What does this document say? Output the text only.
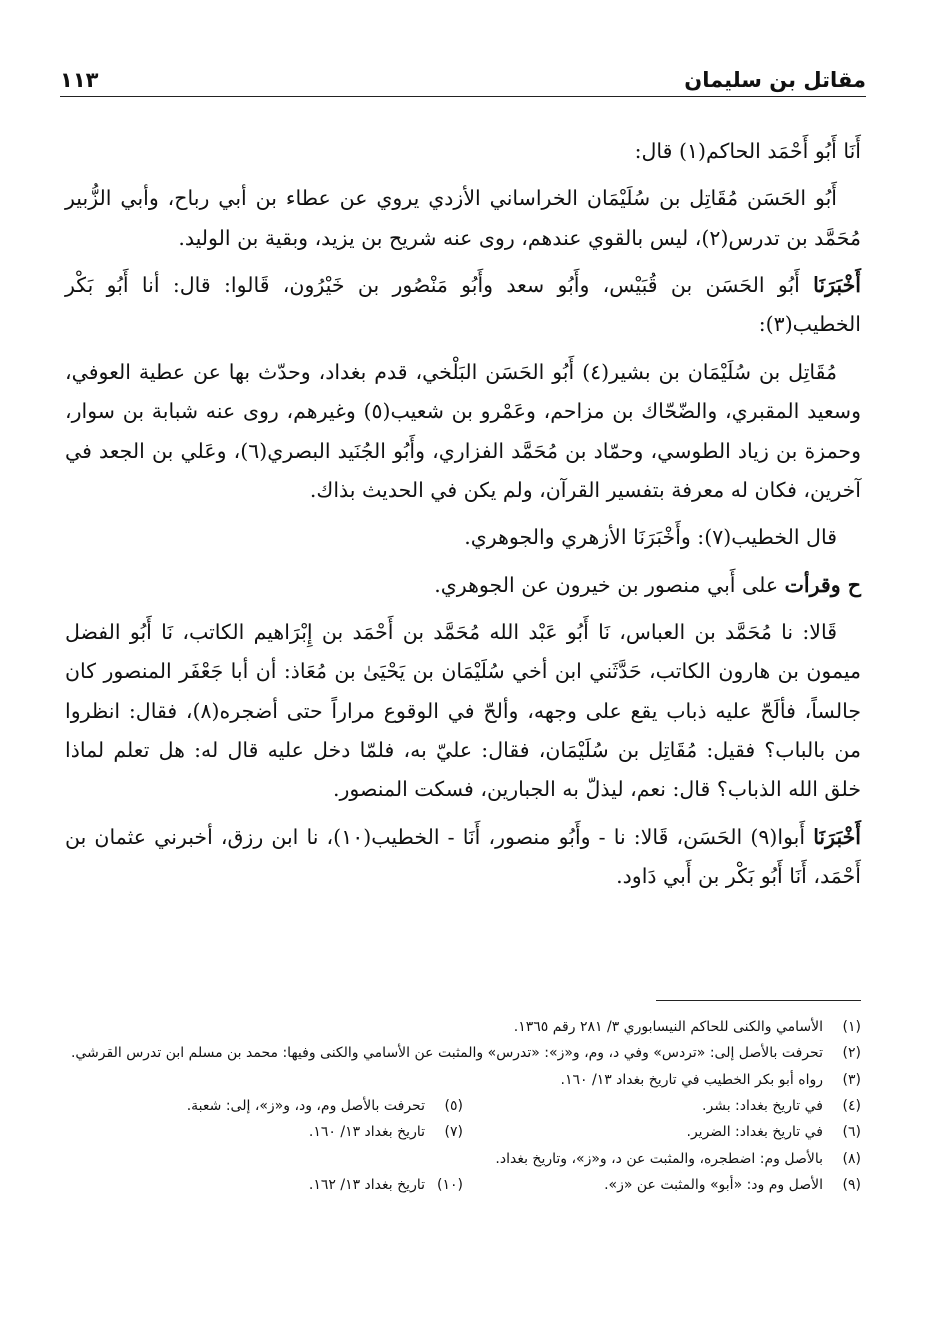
مقاتل بن سليمان
١١٣

أَنَا أَبُو أَحْمَد الحاكم(١) قال:

أَبُو الحَسَن مُقَاتِل بن سُلَيْمَان الخراساني الأزدي يروي عن عطاء بن أبي رباح، وأبي الزُّبير مُحَمَّد بن تدرس(٢)، ليس بالقوي عندهم، روى عنه شريح بن يزيد، وبقية بن الوليد.

أَخْبَرَنَا أَبُو الحَسَن بن قُبَيْس، وأَبُو سعد وأَبُو مَنْصُور بن خَيْرُون، قَالوا: قال: أنا أَبُو بَكْر الخطيب(٣):

مُقَاتِل بن سُلَيْمَان بن بشير(٤) أَبُو الحَسَن البَلْخي، قدم بغداد، وحدّث بها عن عطية العوفي، وسعيد المقبري، والضّحّاك بن مزاحم، وعَمْرو بن شعيب(٥) وغيرهم، روى عنه شبابة بن سوار، وحمزة بن زياد الطوسي، وحمّاد بن مُحَمَّد الفزاري، وأَبُو الجُنَيد البصري(٦)، وعَلي بن الجعد في آخرين، فكان له معرفة بتفسير القرآن، ولم يكن في الحديث بذاك.

قال الخطيب(٧): وأَخْبَرَنَا الأزهري والجوهري.

ح وقرأت على أَبي منصور بن خيرون عن الجوهري.

قَالا: نا مُحَمَّد بن العباس، نَا أَبُو عَبْد الله مُحَمَّد بن أَحْمَد بن إِبْرَاهيم الكاتب، نَا أَبُو الفضل ميمون بن هارون الكاتب، حَدَّثَني ابن أخي سُلَيْمَان بن يَحْيَىٰ بن مُعَاذ: أن أبا جَعْفَر المنصور كان جالساً، فألَحّ عليه ذباب يقع على وجهه، وألحّ في الوقوع مراراً حتى أضجره(٨)، فقال: انظروا من بالباب؟ فقيل: مُقَاتِل بن سُلَيْمَان، فقال: عليّ به، فلمّا دخل عليه قال له: هل تعلم لماذا خلق الله الذباب؟ قال: نعم، ليذلّ به الجبارين، فسكت المنصور.

أَخْبَرَنَا أَبوا(٩) الحَسَن، قَالا: نا - وأَبُو منصور، أَنَا - الخطيب(١٠)، نا ابن رزق، أخبرني عثمان بن أَحْمَد، أَنَا أَبُو بَكْر بن أَبي دَاود.

(١)
الأسامي والكنى للحاكم النيسابوري ٣/ ٢٨١ رقم ١٣٦٥.
(٢)
تحرفت بالأصل إلى: «تردس» وفي د، وم، و«ز»: «تدرس» والمثبت عن الأسامي والكنى وفيها: محمد بن مسلم ابن تدرس القرشي.
(٣)
رواه أبو بكر الخطيب في تاريخ بغداد ١٣/ ١٦٠.
(٤)
في تاريخ بغداد: بشر.
(٥)
تحرفت بالأصل وم، ود، و«ز»، إلى: شعبة.
(٦)
في تاريخ بغداد: الضرير.
(٧)
تاريخ بغداد ١٣/ ١٦٠.
(٨)
بالأصل وم: اضطجره، والمثبت عن د، و«ز»، وتاريخ بغداد.
(٩)
الأصل وم ود: «أبو» والمثبت عن «ز».
(١٠)
تاريخ بغداد ١٣/ ١٦٢.
